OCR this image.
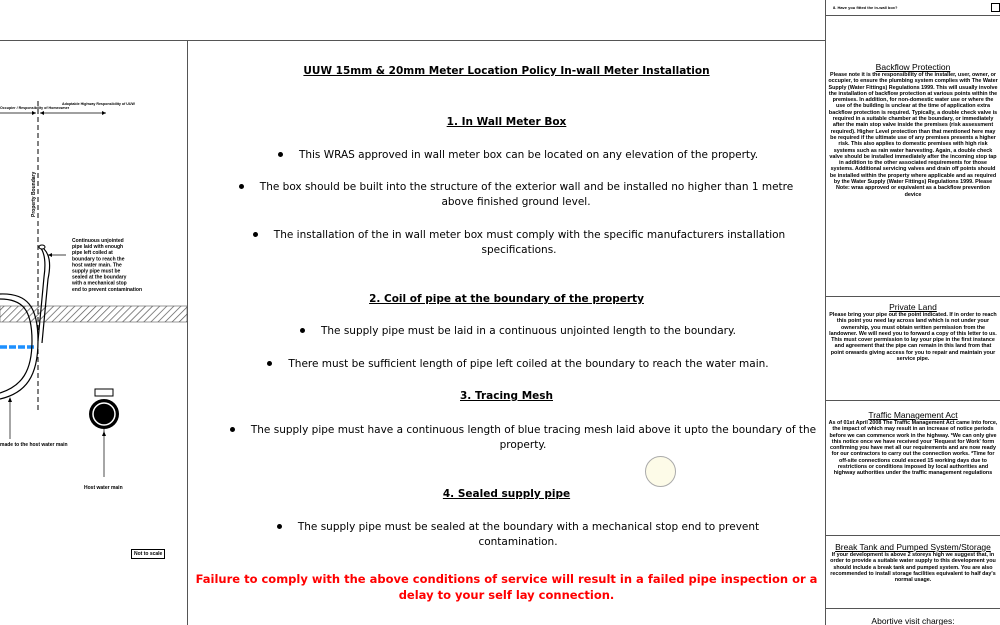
8. Have you fitted the in-wall box?
Occupier / Responsibility of Homeowner
Adoptable Highway Responsibility of UUW
Property Boundary
Continuous unjointed pipe laid with enough pipe left coiled at boundary to reach the host water main. The supply pipe must be sealed at the boundary with a mechanical stop end to prevent contamination
made to the host water main
Host water main
Not to scale
UUW 15mm & 20mm Meter Location Policy In-wall Meter Installation
1. In Wall Meter Box
This WRAS approved in wall meter box can be located on any elevation of the property.
The box should be built into the structure of the exterior wall and be installed no higher than 1 metre above finished ground level.
The installation of the in wall meter box must comply with the specific manufacturers installation specifications.
2. Coil of pipe at the boundary of the property
The supply pipe must be laid in a continuous unjointed length to the boundary.
There must be sufficient length of pipe left coiled at the boundary to reach the water main.
3. Tracing Mesh
The supply pipe must have a continuous length of blue tracing mesh laid above it upto the boundary of the property.
4. Sealed supply pipe
The supply pipe must be sealed at the boundary with a mechanical stop end to prevent contamination.
Failure to comply with the above conditions of service will result in a failed pipe inspection or a delay to your self lay connection.
Backflow Protection
Please note it is the responsibility of the installer, user, owner, or occupier, to ensure the plumbing system complies with The Water Supply (Water Fittings) Regulations 1999. This will usually involve the installation of backflow protection at various points within the premises. In addition, for non-domestic water use or where the use of the building is unclear at the time of application extra backflow protection is required. Typically, a double check valve is required in a suitable chamber at the boundary, or immediately after the main stop valve inside the premises (risk assessment required). Higher Level protection than that mentioned here may be required if the ultimate use of any premises presents a higher risk. This also applies to domestic premises with high risk systems such as rain water harvesting. Again, a double check valve should be installed immediately after the incoming stop tap in addition to the other associated requirements for those systems. Additional servicing valves and drain off points should be installed within the property where applicable and as required by the Water Supply (Water Fittings) Regulations 1999. Please Note: wras approved or equivalent as a backflow prevention device
Private Land
Please bring your pipe out the point indicated. If in order to reach this point you need lay across land which is not under your ownership, you must obtain written permission from the landowner. We will need you to forward a copy of this letter to us. This must cover permission to lay your pipe in the first instance and agreement that the pipe can remain in this land from that point onwards giving access for you to repair and maintain your service pipe.
Traffic Management Act
As of 01st April 2008 The Traffic Management Act came into force, the impact of which may result in an increase of notice periods before we can commence work in the highway. *We can only give this notice once we have received your 'Request for Work' form confirming you have met all our requirements and are now ready for our contractors to carry out the connection works. *Time for off-site connections could exceed 15 working days due to restrictions or conditions imposed by local authorities and highway authorities under the traffic management regulations
Break Tank and Pumped System/Storage
If your development is above 2 storeys high we suggest that, in order to provide a suitable water supply to this development you should include a break tank and pumped system. You are also recommended to install storage facilities equivalent to half day's normal usage.
Abortive visit charges:
